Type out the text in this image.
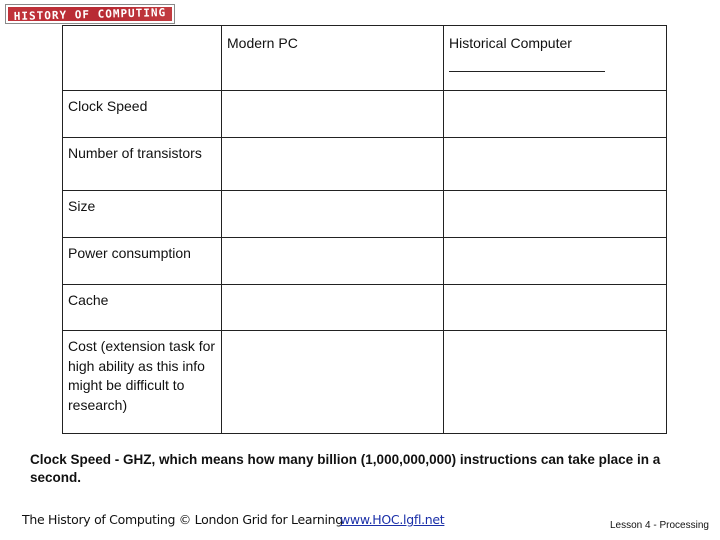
HISTORY OF COMPUTING

	Modern PC	Historical Computer

Clock Speed		

Number of transistors		

Size		

Power consumption		

Cache		

Cost (extension task for high ability as this info might be difficult to research)		

Clock Speed - GHZ, which means how many billion (1,000,000,000) instructions can take place in a second.
The History of Computing © London Grid for Learning
www.HOC.lgfl.net	Lesson 4 - Processing
